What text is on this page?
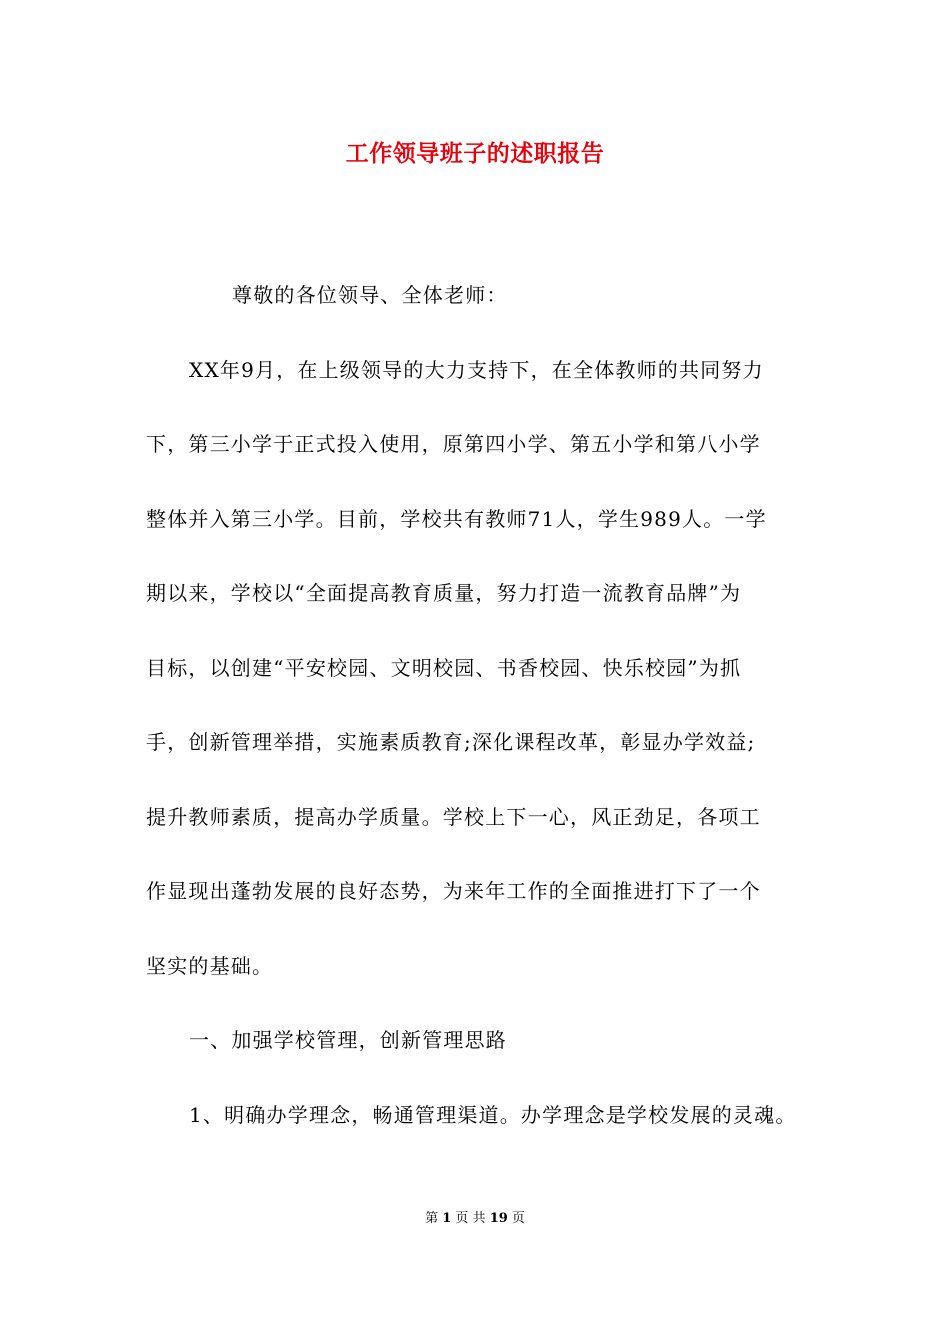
工作领导班子的述职报告

尊敬的各位领导、全体老师：

XX年9月，在上级领导的大力支持下，在全体教师的共同努力

下，第三小学于正式投入使用，原第四小学、第五小学和第八小学

整体并入第三小学。目前，学校共有教师71人，学生989人。一学

期以来，学校以“全面提高教育质量，努力打造一流教育品牌”为

目标，以创建“平安校园、文明校园、书香校园、快乐校园”为抓

手，创新管理举措，实施素质教育;深化课程改革，彰显办学效益;

提升教师素质，提高办学质量。学校上下一心，风正劲足，各项工

作显现出蓬勃发展的良好态势，为来年工作的全面推进打下了一个

坚实的基础。

一、加强学校管理，创新管理思路

1、明确办学理念，畅通管理渠道。办学理念是学校发展的灵魂。

第 1 页 共 19 页
